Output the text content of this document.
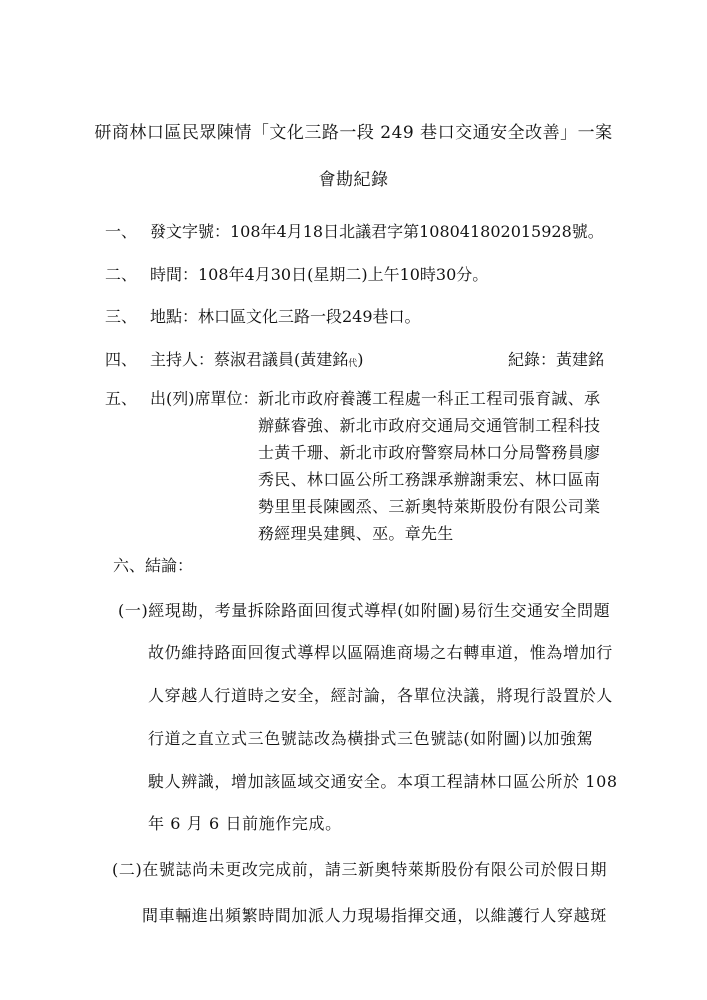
研商林口區民眾陳情「文化三路一段 249 巷口交通安全改善」一案
會勘紀錄
一、 發文字號：108年4月18日北議君字第1080418020159​28號。
二、 時間：108年4月30日(星期二)上午10時30分。
三、 地點：林口區文化三路一段249巷口。
四、 主持人：蔡淑君議員(黃建銘代)	紀錄：黃建銘
五、 出(列)席單位： 新北市政府養護工程處一科正工程司張育誠、承
辦蘇睿強、新北市政府交通局交通管制工程科技
士黃千珊、新北市政府警察局林口分局警務員廖
秀民、林口區公所工務課承辦謝秉宏、林口區南
勢里里長陳國烝、三新奧特萊斯股份有限公司業
務經理吳建興、巫。章先生
六、結論：
(一)經現勘，考量拆除路面回復式導桿(如附圖)易衍生交通安全問題
故仍維持路面回復式導桿以區隔進商場之右轉車道，惟為增加行
人穿越人行道時之安全，經討論，各單位決議，將現行設置於人
行道之直立式三色號誌改為橫掛式三色號誌(如附圖)以加強駕
駛人辨識，增加該區域交通安全。本項工程請林口區公所於 108
年 6 月 6 日前施作完成。
(二)在號誌尚未更改完成前，請三新奧特萊斯股份有限公司於假日期
間車輛進出頻繁時間加派人力現場指揮交通，以維護行人穿越斑
